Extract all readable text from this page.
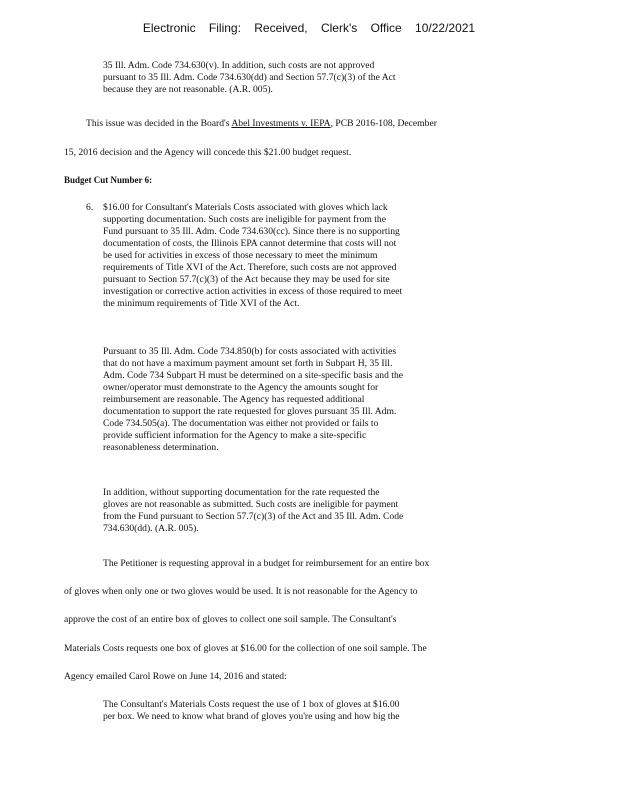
Electronic Filing: Received, Clerk's Office 10/22/2021
35 Ill. Adm. Code 734.630(v). In addition, such costs are not approved
pursuant to 35 Ill. Adm. Code 734.630(dd) and Section 57.7(c)(3) of the Act
because they are not reasonable. (A.R. 005).

This issue was decided in the Board's Abel Investments v. IEPA, PCB 2016-108, December

15, 2016 decision and the Agency will concede this $21.00 budget request.

Budget Cut Number 6:

6. $16.00 for Consultant's Materials Costs associated with gloves which lack
supporting documentation. Such costs are ineligible for payment from the
Fund pursuant to 35 Ill. Adm. Code 734.630(cc). Since there is no supporting
documentation of costs, the Illinois EPA cannot determine that costs will not
be used for activities in excess of those necessary to meet the minimum
requirements of Title XVI of the Act. Therefore, such costs are not approved
pursuant to Section 57.7(c)(3) of the Act because they may be used for site
investigation or corrective action activities in excess of those required to meet
the minimum requirements of Title XVI of the Act.
Pursuant to 35 Ill. Adm. Code 734.850(b) for costs associated with activities
that do not have a maximum payment amount set forth in Subpart H, 35 Ill.
Adm. Code 734 Subpart H must be determined on a site-specific basis and the
owner/operator must demonstrate to the Agency the amounts sought for
reimbursement are reasonable. The Agency has requested additional
documentation to support the rate requested for gloves pursuant 35 Ill. Adm.
Code 734.505(a). The documentation was either not provided or fails to
provide sufficient information for the Agency to make a site-specific
reasonableness determination.
In addition, without supporting documentation for the rate requested the
gloves are not reasonable as submitted. Such costs are ineligible for payment
from the Fund pursuant to Section 57.7(c)(3) of the Act and 35 Ill. Adm. Code
734.630(dd). (A.R. 005).

The Petitioner is requesting approval in a budget for reimbursement for an entire box

of gloves when only one or two gloves would be used. It is not reasonable for the Agency to

approve the cost of an entire box of gloves to collect one soil sample. The Consultant's

Materials Costs requests one box of gloves at $16.00 for the collection of one soil sample. The

Agency emailed Carol Rowe on June 14, 2016 and stated:

The Consultant's Materials Costs request the use of 1 box of gloves at $16.00
per box. We need to know what brand of gloves you're using and how big the
